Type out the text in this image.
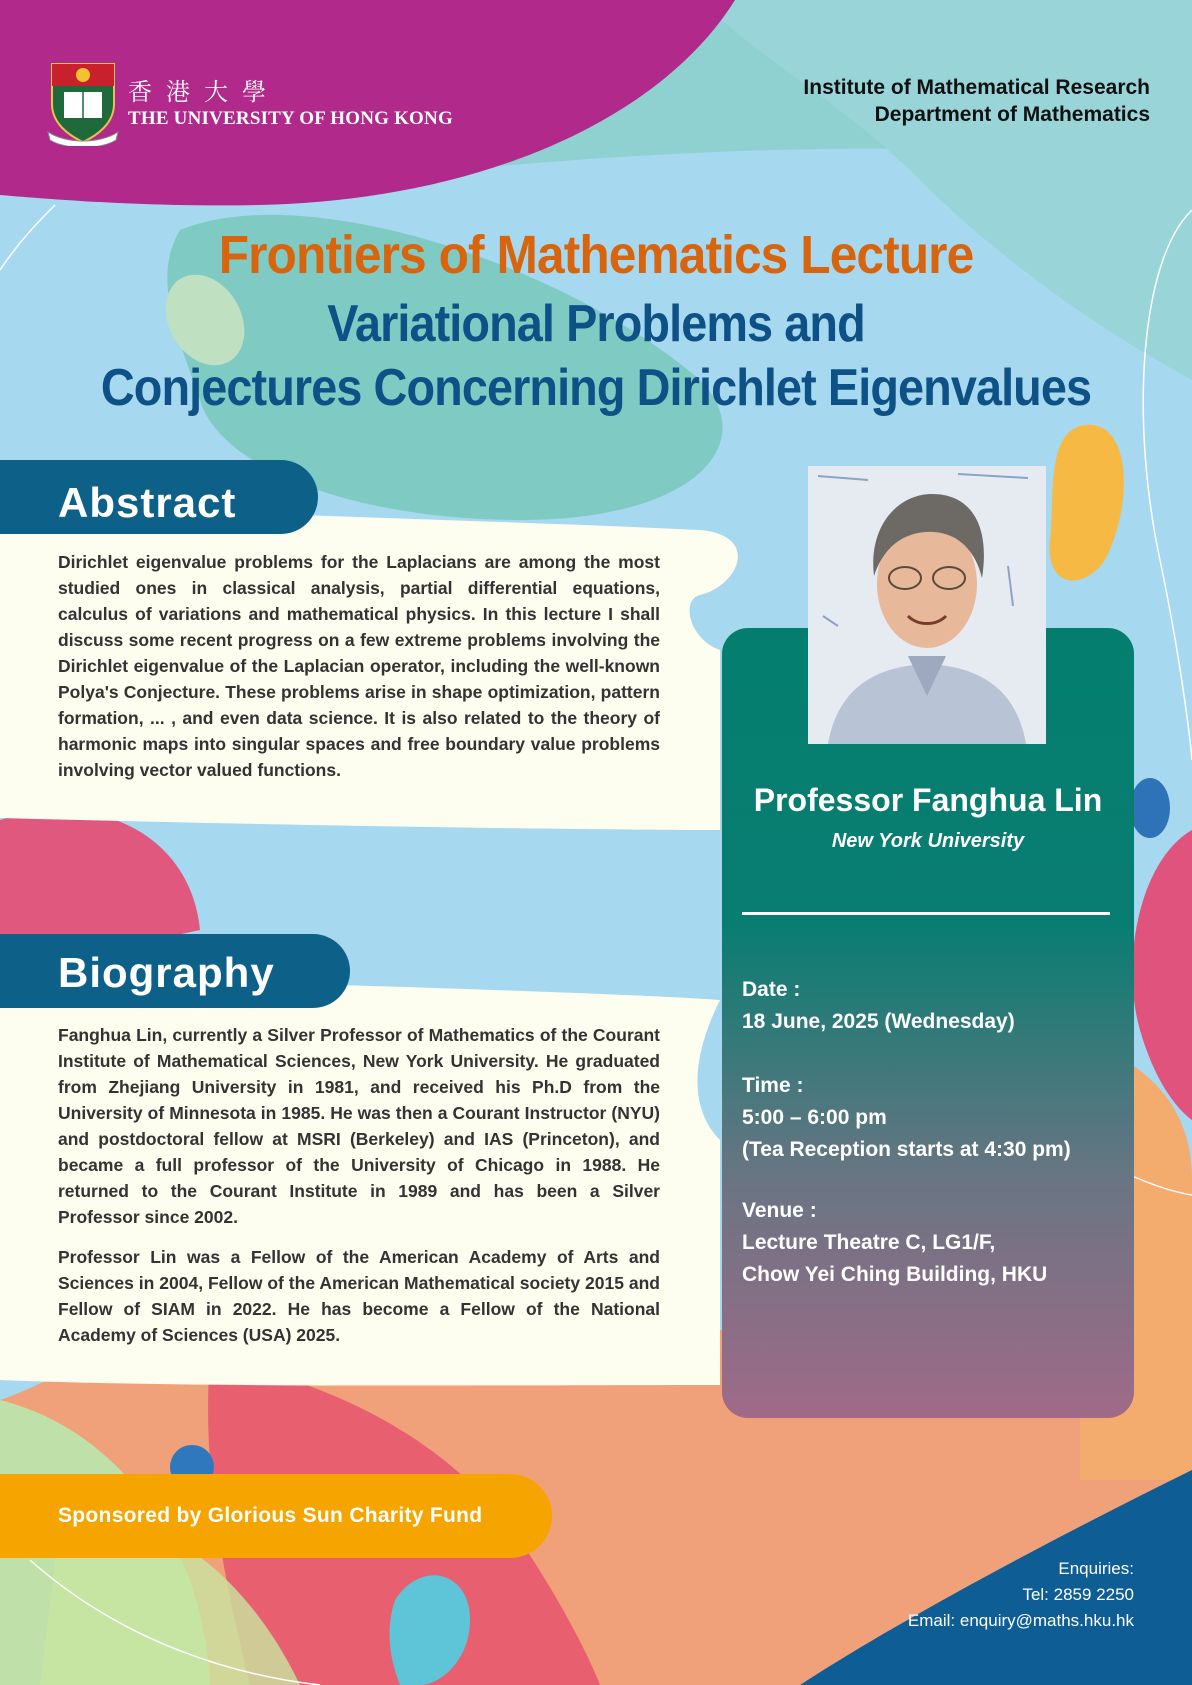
香港大學
THE UNIVERSITY OF HONG KONG
Institute of Mathematical Research
Department of Mathematics
Frontiers of Mathematics Lecture
Variational Problems and
Conjectures Concerning Dirichlet Eigenvalues
Abstract
Dirichlet eigenvalue problems for the Laplacians are among the most studied ones in classical analysis, partial differential equations, calculus of variations and mathematical physics. In this lecture I shall discuss some recent progress on a few extreme problems involving the Dirichlet eigenvalue of the Laplacian operator, including the well-known Polya's Conjecture. These problems arise in shape optimization, pattern formation, ... , and even data science. It is also related to the theory of harmonic maps into singular spaces and free boundary value problems involving vector valued functions.
Biography

Fanghua Lin, currently a Silver Professor of Mathematics of the Courant Institute of Mathematical Sciences, New York University. He graduated from Zhejiang University in 1981, and received his Ph.D from the University of Minnesota in 1985. He was then a Courant Instructor (NYU) and postdoctoral fellow at MSRI (Berkeley) and IAS (Princeton), and became a full professor of the University of Chicago in 1988. He returned to the Courant Institute in 1989 and has been a Silver Professor since 2002.

Professor Lin was a Fellow of the American Academy of Arts and Sciences in 2004, Fellow of the American Mathematical society 2015 and Fellow of SIAM in 2022. He has become a Fellow of the National Academy of Sciences (USA) 2025.

Professor Fanghua Lin
New York University
Date :
18 June, 2025 (Wednesday)
Time :
5:00 – 6:00 pm
(Tea Reception starts at 4:30 pm)
Venue :
Lecture Theatre C, LG1/F,
Chow Yei Ching Building, HKU
Sponsored by Glorious Sun Charity Fund
Enquiries:
Tel: 2859 2250
Email: enquiry@maths.hku.hk
